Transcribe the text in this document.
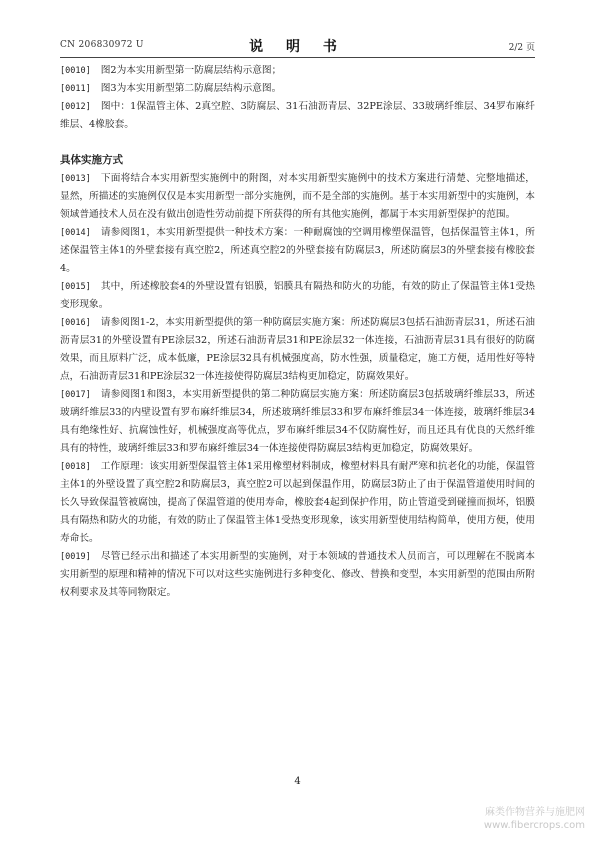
CN 206830972 U	说 明 书	2/2 页

[0010] 图2为本实用新型第一防腐层结构示意图；

[0011] 图3为本实用新型第二防腐层结构示意图。

[0012] 图中：1保温管主体、2真空腔、3防腐层、31石油沥青层、32PE涂层、33玻璃纤维层、34罗布麻纤维层、4橡胶套。

具体实施方式

[0013] 下面将结合本实用新型实施例中的附图，对本实用新型实施例中的技术方案进行清楚、完整地描述，显然，所描述的实施例仅仅是本实用新型一部分实施例，而不是全部的实施例。基于本实用新型中的实施例，本领域普通技术人员在没有做出创造性劳动前提下所获得的所有其他实施例，都属于本实用新型保护的范围。

[0014] 请参阅图1，本实用新型提供一种技术方案：一种耐腐蚀的空调用橡塑保温管，包括保温管主体1，所述保温管主体1的外壁套接有真空腔2，所述真空腔2的外壁套接有防腐层3，所述防腐层3的外壁套接有橡胶套4。

[0015] 其中，所述橡胶套4的外壁设置有铝膜，铝膜具有隔热和防火的功能，有效的防止了保温管主体1受热变形现象。

[0016] 请参阅图1-2，本实用新型提供的第一种防腐层实施方案：所述防腐层3包括石油沥青层31，所述石油沥青层31的外壁设置有PE涂层32，所述石油沥青层31和PE涂层32一体连接，石油沥青层31具有很好的防腐效果，而且原料广泛，成本低廉，PE涂层32具有机械强度高，防水性强，质量稳定，施工方便，适用性好等特点，石油沥青层31和PE涂层32一体连接使得防腐层3结构更加稳定，防腐效果好。

[0017] 请参阅图1和图3，本实用新型提供的第二种防腐层实施方案：所述防腐层3包括玻璃纤维层33，所述玻璃纤维层33的内壁设置有罗布麻纤维层34，所述玻璃纤维层33和罗布麻纤维层34一体连接，玻璃纤维层34具有绝缘性好、抗腐蚀性好，机械强度高等优点，罗布麻纤维层34不仅防腐性好，而且还具有优良的天然纤维具有的特性，玻璃纤维层33和罗布麻纤维层34一体连接使得防腐层3结构更加稳定，防腐效果好。

[0018] 工作原理：该实用新型保温管主体1采用橡塑材料制成，橡塑材料具有耐严寒和抗老化的功能，保温管主体1的外壁设置了真空腔2和防腐层3，真空腔2可以起到保温作用，防腐层3防止了由于保温管道使用时间的长久导致保温管被腐蚀，提高了保温管道的使用寿命，橡胶套4起到保护作用，防止管道受到碰撞而损坏，铝膜具有隔热和防火的功能，有效的防止了保温管主体1受热变形现象，该实用新型使用结构简单，使用方便，使用寿命长。

[0019] 尽管已经示出和描述了本实用新型的实施例，对于本领域的普通技术人员而言，可以理解在不脱离本实用新型的原理和精神的情况下可以对这些实施例进行多种变化、修改、替换和变型，本实用新型的范围由所附权利要求及其等同物限定。

4
麻类作物营养与施肥网
www.fibercrops.com
